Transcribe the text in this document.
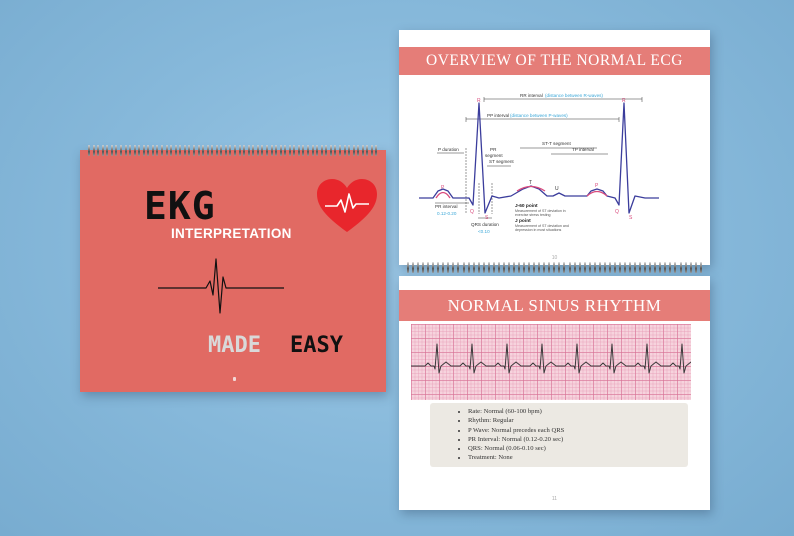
EKG
INTERPRETATION
MADE EASY
OVERVIEW OF THE NORMAL ECG
RR interval (distance between R-waves)
PP interval (distance between P-waves)
PR
segment
P duration
ST-T segment
TP interval
ST segment
PR interval
0.12-0.20
QRS duration
<0.10
J-60 point
Measurement of ST deviation in
exercise stress testing
J point
Measurement of ST deviation and
depression in most situations
P
Q
R
S
T
U	P
Q
R
S
10
NORMAL SINUS RHYTHM
• Rate: Normal (60-100 bpm)
• Rhythm: Regular
• P Wave: Normal precedes each QRS
• PR Interval: Normal (0.12-0.20 sec)
• QRS: Normal (0.06-0.10 sec)
• Treatment: None
11
